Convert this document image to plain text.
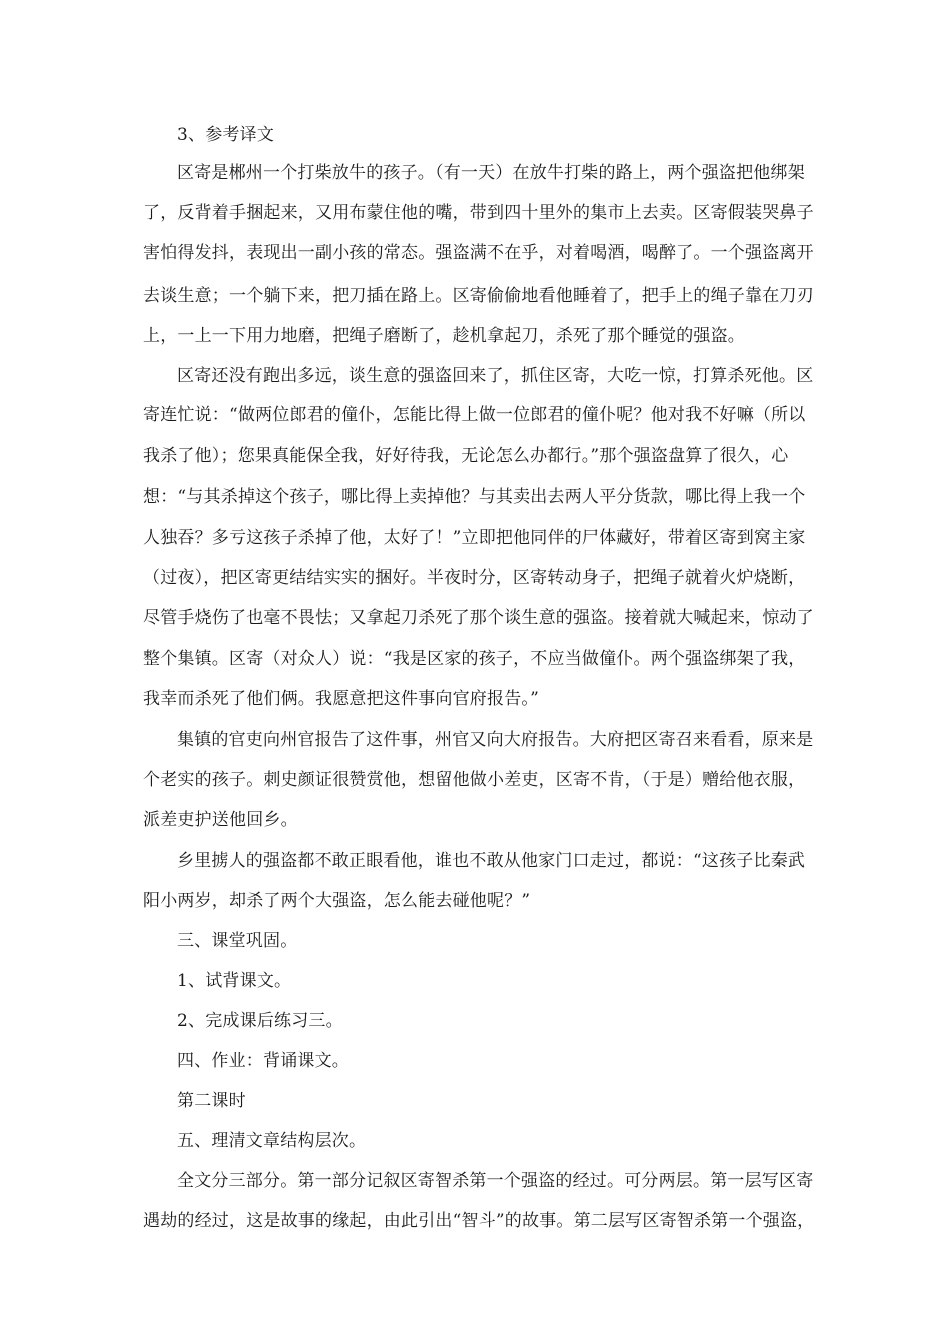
3、参考译文
区寄是郴州一个打柴放牛的孩子。（有一天）在放牛打柴的路上，两个强盗把他绑架
了，反背着手捆起来，又用布蒙住他的嘴，带到四十里外的集市上去卖。区寄假装哭鼻子
害怕得发抖，表现出一副小孩的常态。强盗满不在乎，对着喝酒，喝醉了。一个强盗离开
去谈生意；一个躺下来，把刀插在路上。区寄偷偷地看他睡着了，把手上的绳子靠在刀刃
上，一上一下用力地磨，把绳子磨断了，趁机拿起刀，杀死了那个睡觉的强盗。
区寄还没有跑出多远，谈生意的强盗回来了，抓住区寄，大吃一惊，打算杀死他。区
寄连忙说：“做两位郎君的僮仆，怎能比得上做一位郎君的僮仆呢？他对我不好嘛（所以
我杀了他）；您果真能保全我，好好待我，无论怎么办都行。”那个强盗盘算了很久，心
想：“与其杀掉这个孩子，哪比得上卖掉他？与其卖出去两人平分货款，哪比得上我一个
人独吞？多亏这孩子杀掉了他，太好了！”立即把他同伴的尸体藏好，带着区寄到窝主家
（过夜），把区寄更结结实实的捆好。半夜时分，区寄转动身子，把绳子就着火炉烧断，
尽管手烧伤了也毫不畏怯；又拿起刀杀死了那个谈生意的强盗。接着就大喊起来，惊动了
整个集镇。区寄（对众人）说：“我是区家的孩子，不应当做僮仆。两个强盗绑架了我，
我幸而杀死了他们俩。我愿意把这件事向官府报告。”
集镇的官吏向州官报告了这件事，州官又向大府报告。大府把区寄召来看看，原来是
个老实的孩子。刺史颜证很赞赏他，想留他做小差吏，区寄不肯，（于是）赠给他衣服，
派差吏护送他回乡。
乡里掳人的强盗都不敢正眼看他，谁也不敢从他家门口走过，都说：“这孩子比秦武
阳小两岁，却杀了两个大强盗，怎么能去碰他呢？”
三、课堂巩固。
1、试背课文。
2、完成课后练习三。
四、作业：背诵课文。
第二课时
五、理清文章结构层次。
全文分三部分。第一部分记叙区寄智杀第一个强盗的经过。可分两层。第一层写区寄
遇劫的经过，这是故事的缘起，由此引出“智斗”的故事。第二层写区寄智杀第一个强盗，
